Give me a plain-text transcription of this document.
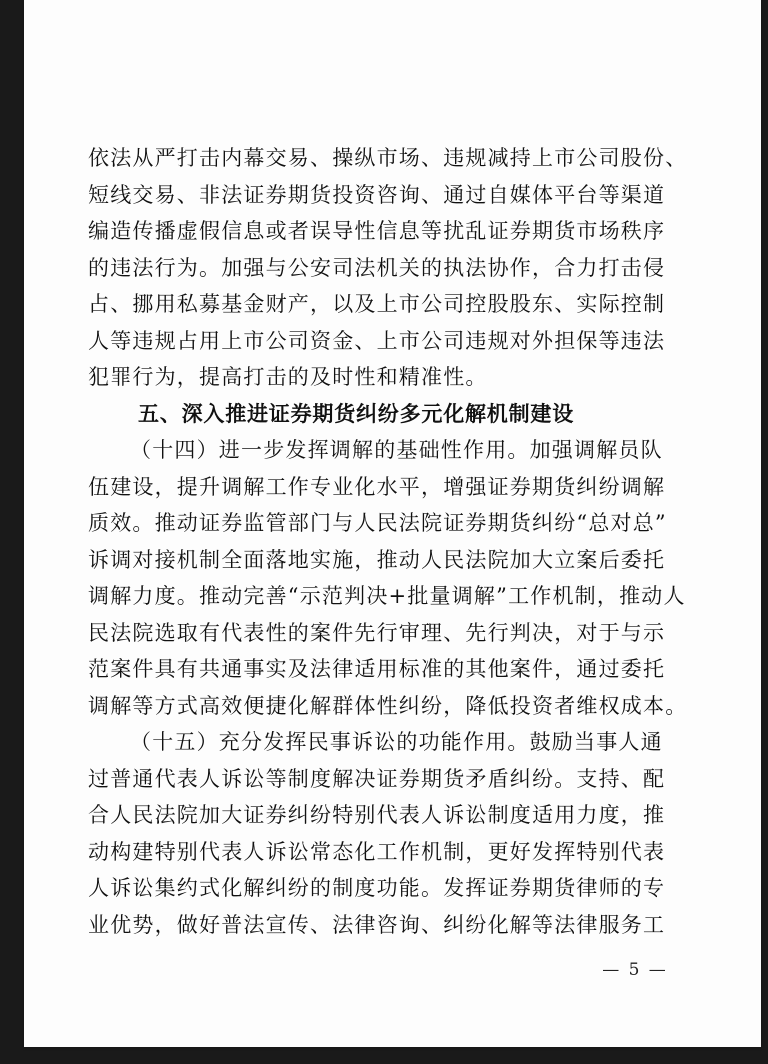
依法从严打击内幕交易、操纵市场、违规减持上市公司股份、
短线交易、非法证券期货投资咨询、通过自媒体平台等渠道
编造传播虚假信息或者误导性信息等扰乱证券期货市场秩序
的违法行为。加强与公安司法机关的执法协作，合力打击侵
占、挪用私募基金财产，以及上市公司控股股东、实际控制
人等违规占用上市公司资金、上市公司违规对外担保等违法
犯罪行为，提高打击的及时性和精准性。
五、深入推进证券期货纠纷多元化解机制建设
（十四）进一步发挥调解的基础性作用。加强调解员队
伍建设，提升调解工作专业化水平，增强证券期货纠纷调解
质效。推动证券监管部门与人民法院证券期货纠纷“总对总”
诉调对接机制全面落地实施，推动人民法院加大立案后委托
调解力度。推动完善“示范判决+批量调解”工作机制，推动人
民法院选取有代表性的案件先行审理、先行判决，对于与示
范案件具有共通事实及法律适用标准的其他案件，通过委托
调解等方式高效便捷化解群体性纠纷，降低投资者维权成本。
（十五）充分发挥民事诉讼的功能作用。鼓励当事人通
过普通代表人诉讼等制度解决证券期货矛盾纠纷。支持、配
合人民法院加大证券纠纷特别代表人诉讼制度适用力度，推
动构建特别代表人诉讼常态化工作机制，更好发挥特别代表
人诉讼集约式化解纠纷的制度功能。发挥证券期货律师的专
业优势，做好普法宣传、法律咨询、纠纷化解等法律服务工
— 5 —
